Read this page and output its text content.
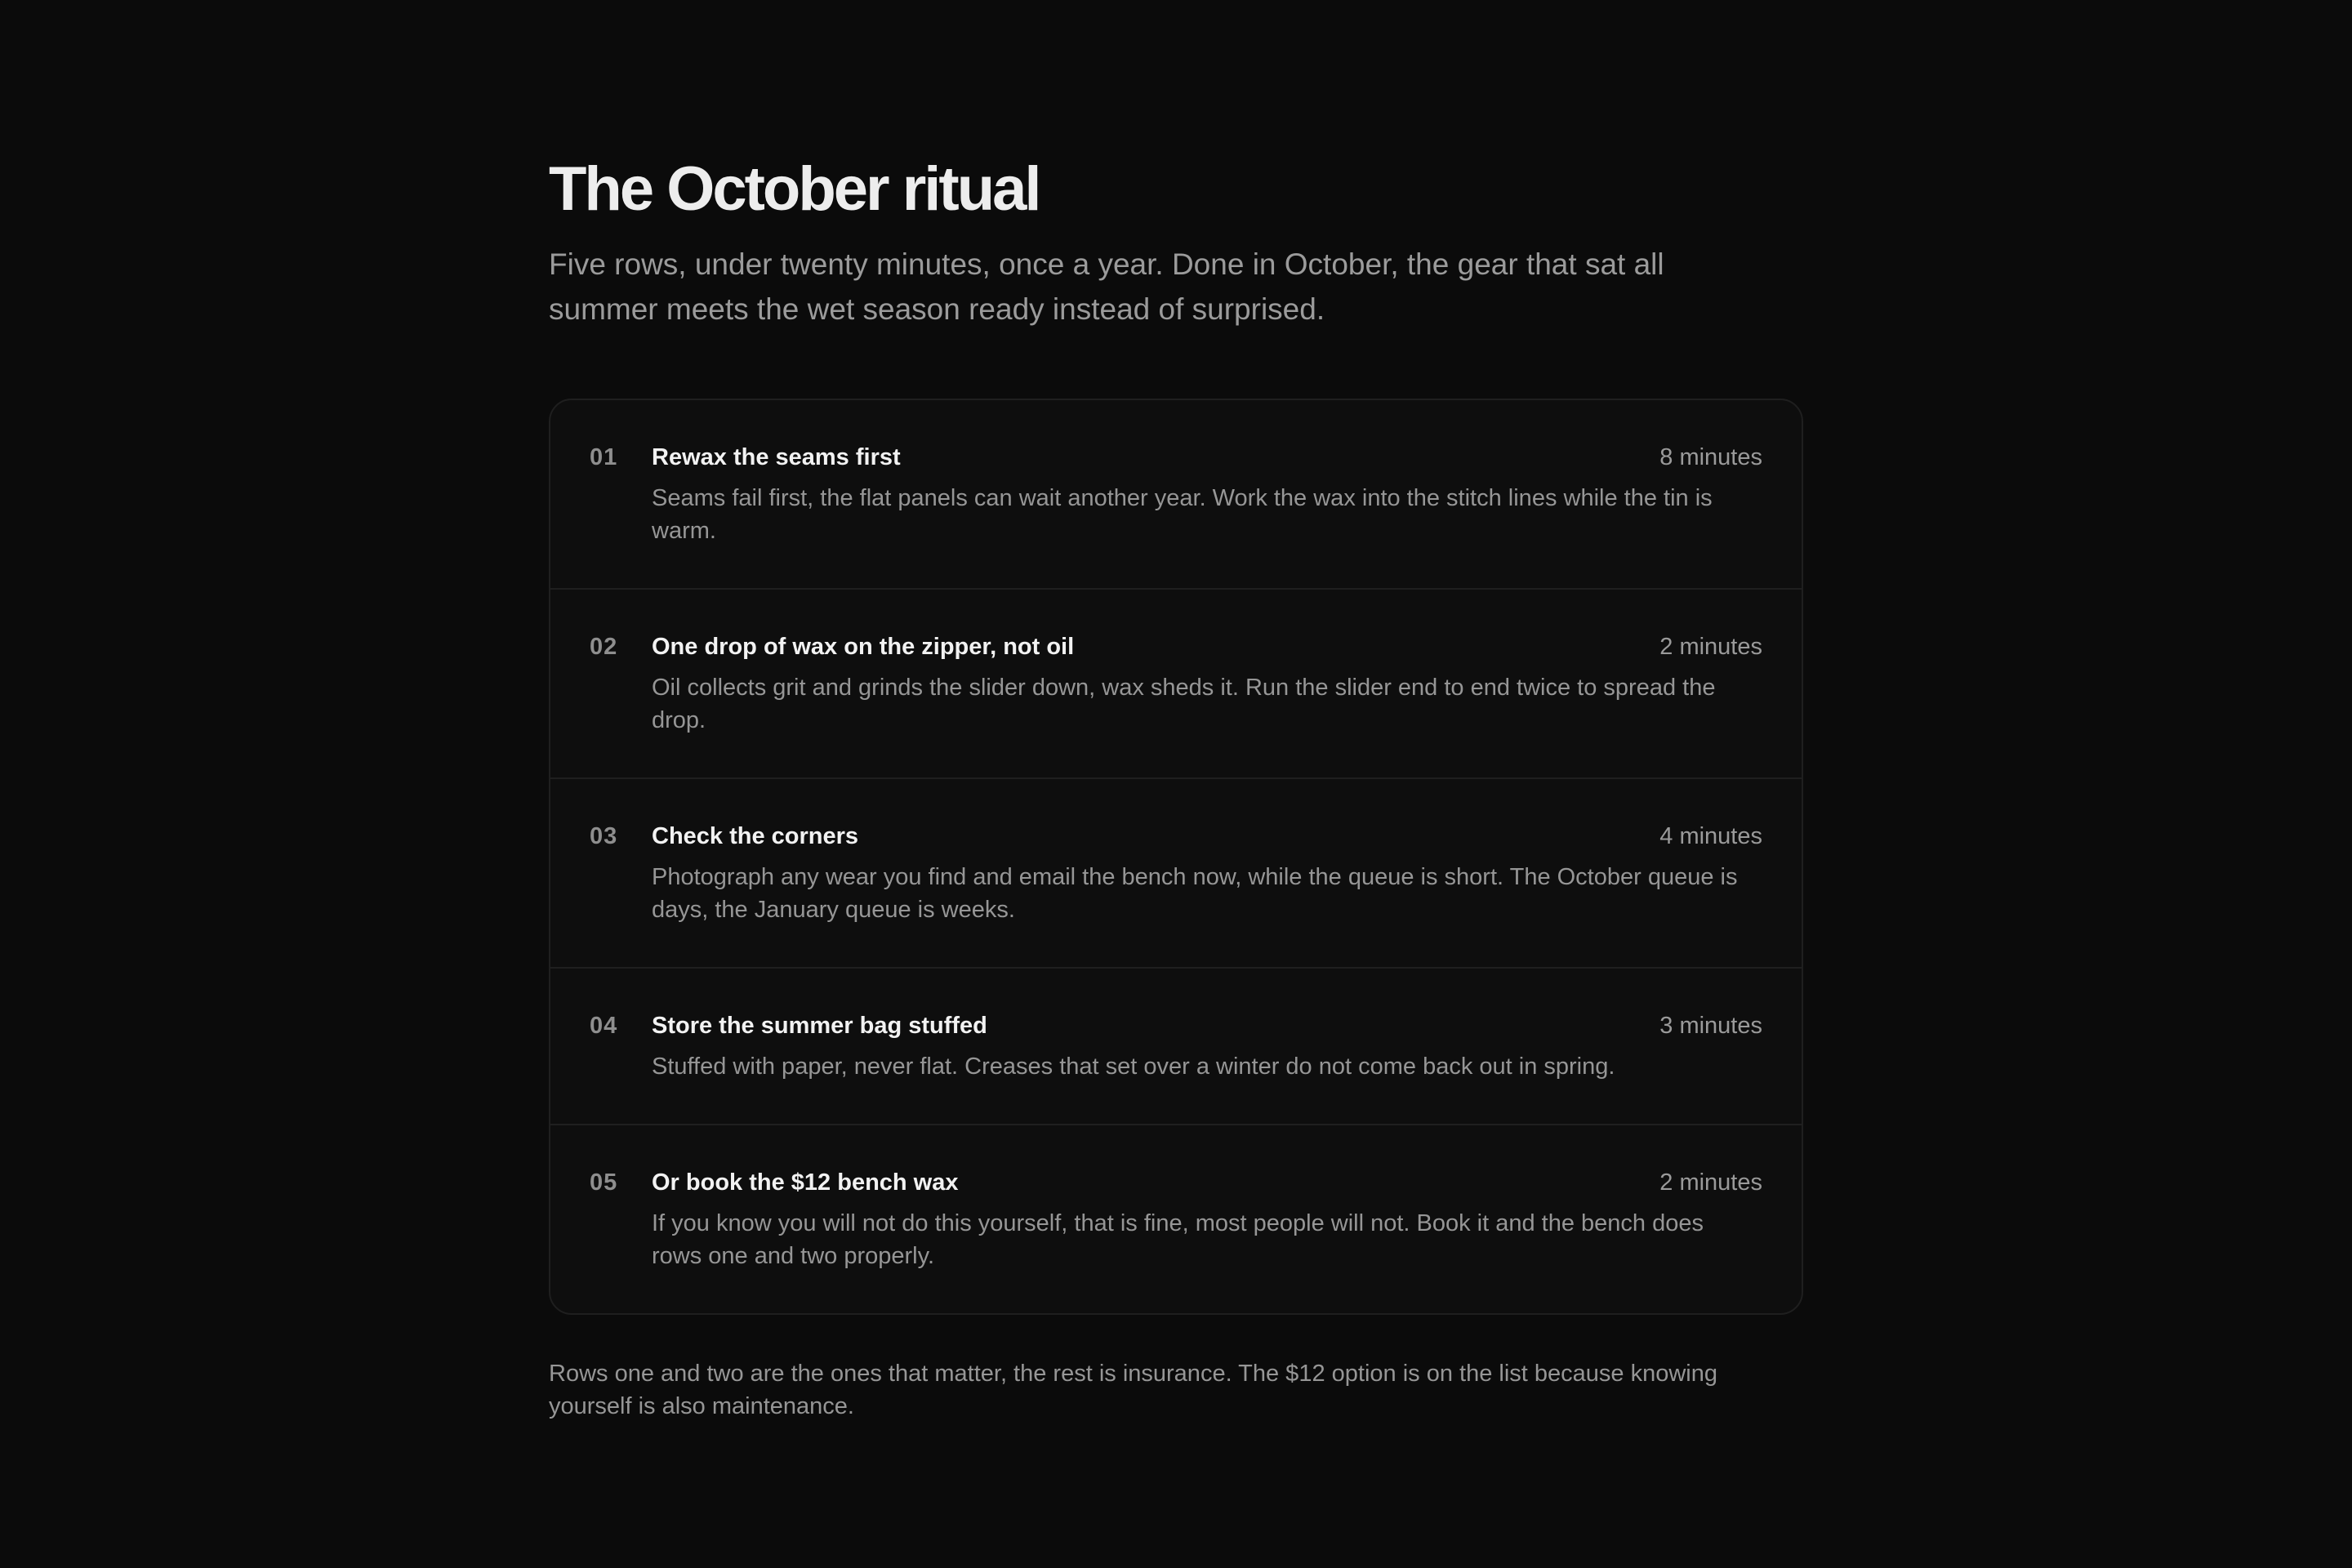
The October ritual

Five rows, under twenty minutes, once a year. Done in October, the gear that sat all summer meets the wet season ready instead of surprised.

01 Rewax the seams first	8 minutes
Seams fail first, the flat panels can wait another year. Work the wax into the stitch lines while the tin is warm.
02 One drop of wax on the zipper, not oil	2 minutes
Oil collects grit and grinds the slider down, wax sheds it. Run the slider end to end twice to spread the drop.
03 Check the corners	4 minutes
Photograph any wear you find and email the bench now, while the queue is short. The October queue is days, the January queue is weeks.
04 Store the summer bag stuffed	3 minutes
Stuffed with paper, never flat. Creases that set over a winter do not come back out in spring.
05 Or book the $12 bench wax	2 minutes
If you know you will not do this yourself, that is fine, most people will not. Book it and the bench does rows one and two properly.

Rows one and two are the ones that matter, the rest is insurance. The $12 option is on the list because knowing yourself is also maintenance.
